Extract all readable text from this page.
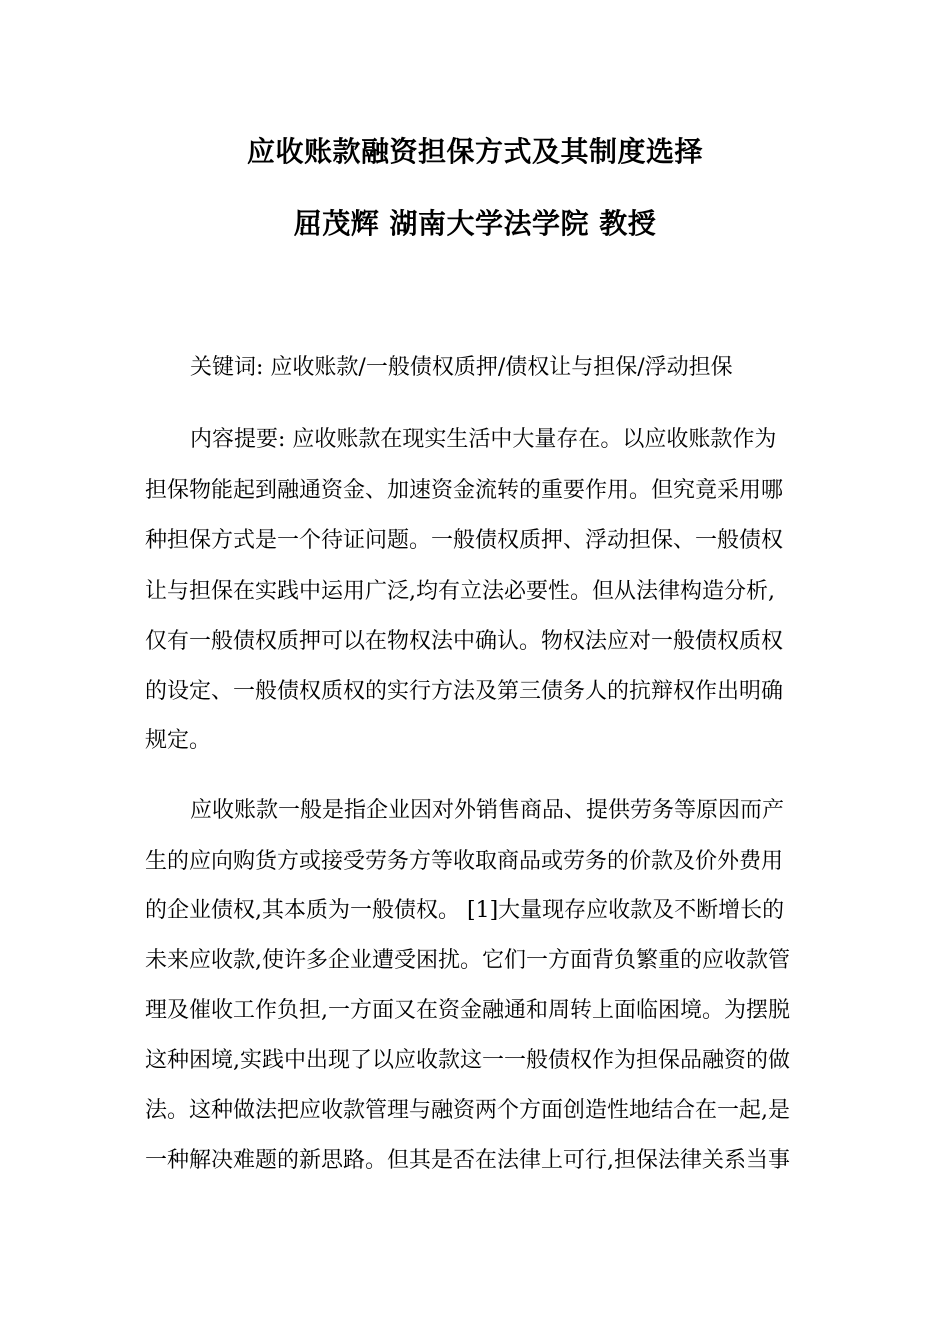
应收账款融资担保方式及其制度选择
屈茂辉 湖南大学法学院 教授
关键词: 应收账款/一般债权质押/债权让与担保/浮动担保
内容提要: 应收账款在现实生活中大量存在。以应收账款作为
担保物能起到融通资金、加速资金流转的重要作用。但究竟采用哪
种担保方式是一个待证问题。一般债权质押、浮动担保、一般债权
让与担保在实践中运用广泛,均有立法必要性。但从法律构造分析,
仅有一般债权质押可以在物权法中确认。物权法应对一般债权质权
的设定、一般债权质权的实行方法及第三债务人的抗辩权作出明确
规定。
应收账款一般是指企业因对外销售商品、提供劳务等原因而产
生的应向购货方或接受劳务方等收取商品或劳务的价款及价外费用
的企业债权,其本质为一般债权。 [1]大量现存应收款及不断增长的
未来应收款,使许多企业遭受困扰。它们一方面背负繁重的应收款管
理及催收工作负担,一方面又在资金融通和周转上面临困境。为摆脱
这种困境,实践中出现了以应收款这一一般债权作为担保品融资的做
法。这种做法把应收款管理与融资两个方面创造性地结合在一起,是
一种解决难题的新思路。但其是否在法律上可行,担保法律关系当事
